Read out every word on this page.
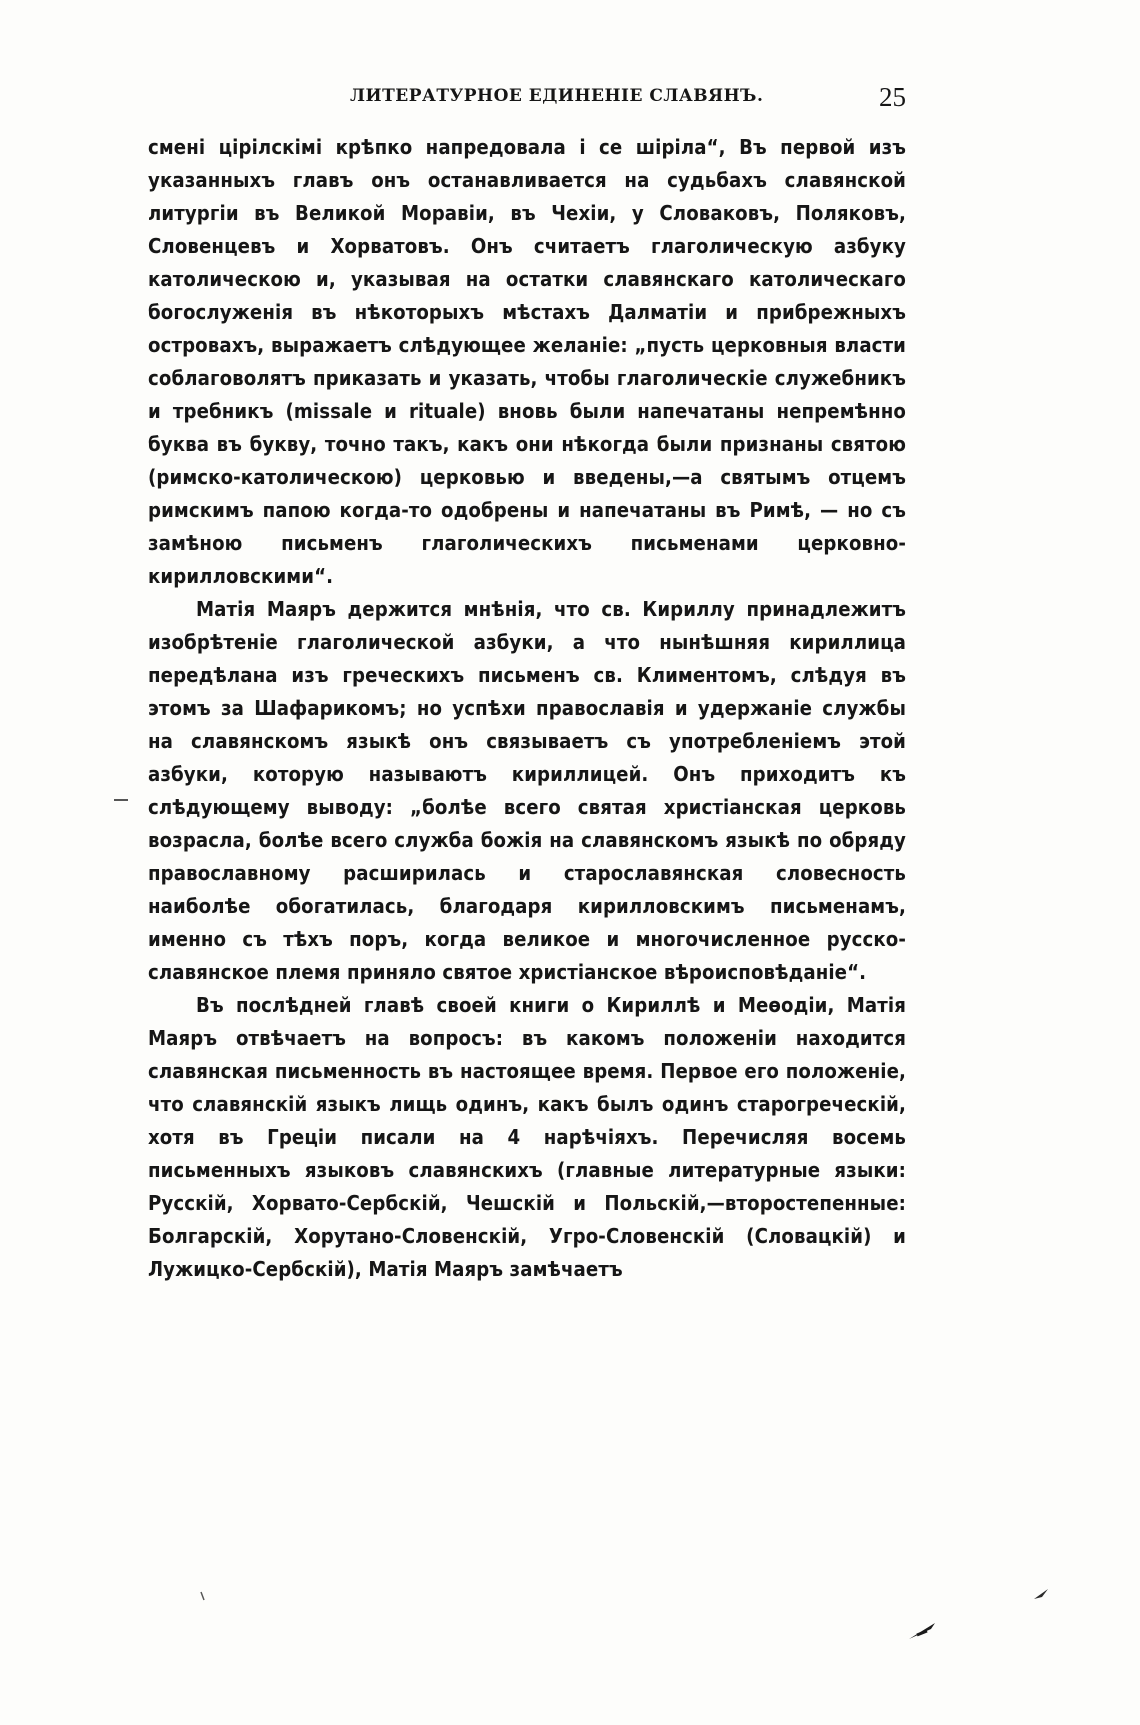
ЛИТЕРАТУРНОЕ ЕДИНЕНІЕ СЛАВЯНЪ.	25

смені цірілскімі крѣпко напредовала і се шіріла“, Въ первой изъ указанныхъ главъ онъ останавливается на судьбахъ славянской литургіи въ Великой Моравіи, въ Чехіи, у Словаковъ, Поляковъ, Словенцевъ и Хорватовъ. Онъ считаетъ глаголическую азбуку католическою и, указывая на остатки славянскаго католическаго богослуженія въ нѣкоторыхъ мѣстахъ Далматіи и прибрежныхъ островахъ, выражаетъ слѣдующее желаніе: „пусть церковныя власти соблаговолятъ приказать и указать, чтобы глаголическіе служебникъ и требникъ (missale и rituale) вновь были напечатаны непремѣнно буква въ букву, точно такъ, какъ они нѣкогда были признаны святою (римско-католическою) церковью и введены,—а святымъ отцемъ римскимъ папою когда-то одобрены и напечатаны въ Римѣ, — но съ замѣною письменъ глаголическихъ письменами церковно-кирилловскими“.

Матія Маяръ держится мнѣнія, что св. Кириллу принадлежитъ изобрѣтеніе глаголической азбуки, а что нынѣшняя кириллица передѣлана изъ греческихъ письменъ св. Климентомъ, слѣдуя въ этомъ за Шафарикомъ; но успѣхи православія и удержаніе службы на славянскомъ языкѣ онъ связываетъ съ употребленіемъ этой азбуки, которую называютъ кириллицей. Онъ приходитъ къ слѣдующему выводу: „болѣе всего святая христіанская церковь возрасла, болѣе всего служба божія на славянскомъ языкѣ по обряду православному расширилась и старославянская словесность наиболѣе обогатилась, благодаря кирилловскимъ письменамъ, именно съ тѣхъ поръ, когда великое и многочисленное русско-славянское племя приняло святое христіанское вѣроисповѣданіе“.

Въ послѣдней главѣ своей книги о Кириллѣ и Меѳодіи, Матія Маяръ отвѣчаетъ на вопросъ: въ какомъ положеніи находится славянская письменность въ настоящее время. Первое его положеніе, что славянскій языкъ лищь одинъ, какъ былъ одинъ старогреческій, хотя въ Греціи писали на 4 нарѣчіяхъ. Перечисляя восемь письменныхъ языковъ славянскихъ (главные литературные языки: Русскій, Хорвато-Сербскій, Чешскій и Польскій,—второстепенные: Болгарскій, Хорутано-Словенскій, Угро-Словенскій (Словацкій) и Лужицко-Сербскій), Матія Маяръ замѣчаетъ
